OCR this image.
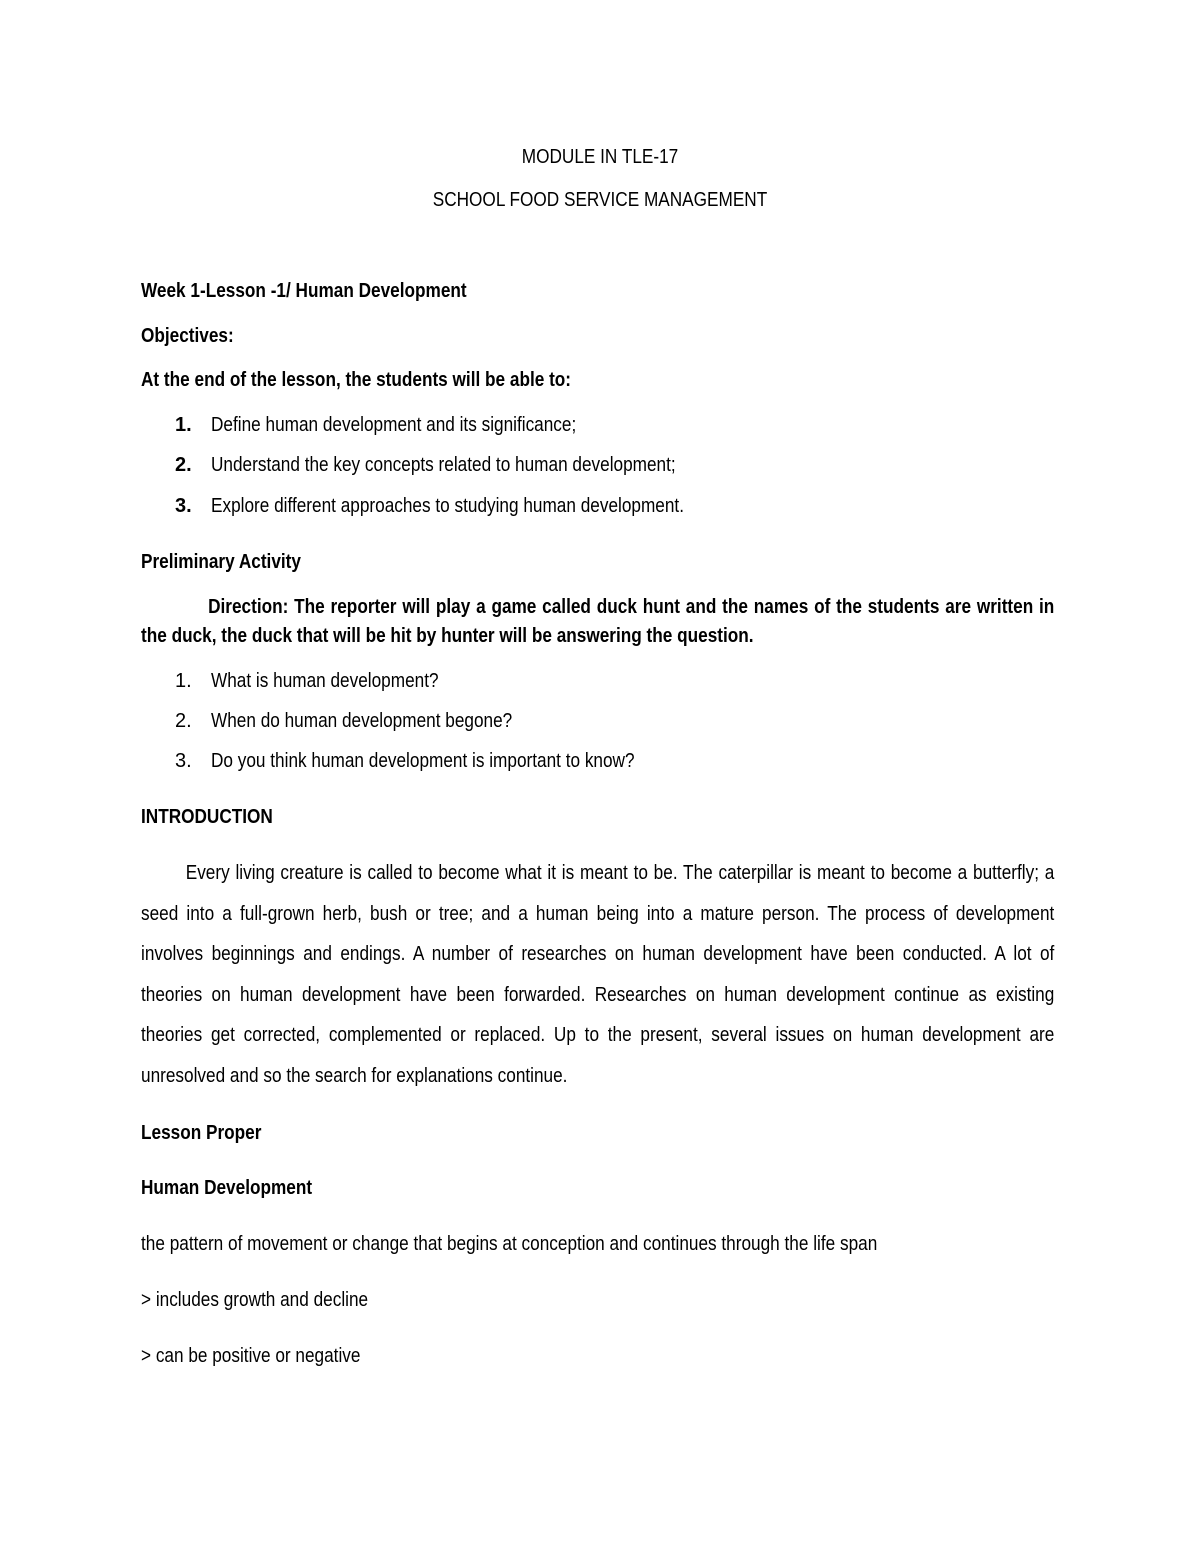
MODULE IN TLE-17
SCHOOL FOOD SERVICE MANAGEMENT
Week 1-Lesson -1/ Human Development
Objectives:
At the end of the lesson, the students will be able to:
1. Define human development and its significance;
2. Understand the key concepts related to human development;
3. Explore different approaches to studying human development.
Preliminary Activity
Direction: The reporter will play a game called duck hunt and the names of the students are written in the duck, the duck that will be hit by hunter will be answering the question.
1. What is human development?
2. When do human development begone?
3. Do you think human development is important to know?
INTRODUCTION
Every living creature is called to become what it is meant to be. The caterpillar is meant to become a butterfly; a seed into a full-grown herb, bush or tree; and a human being into a mature person. The process of development involves beginnings and endings. A number of researches on human development have been conducted. A lot of theories on human development have been forwarded. Researches on human development continue as existing theories get corrected, complemented or replaced. Up to the present, several issues on human development are unresolved and so the search for explanations continue.
Lesson Proper
Human Development
the pattern of movement or change that begins at conception and continues through the life span
> includes growth and decline
> can be positive or negative
